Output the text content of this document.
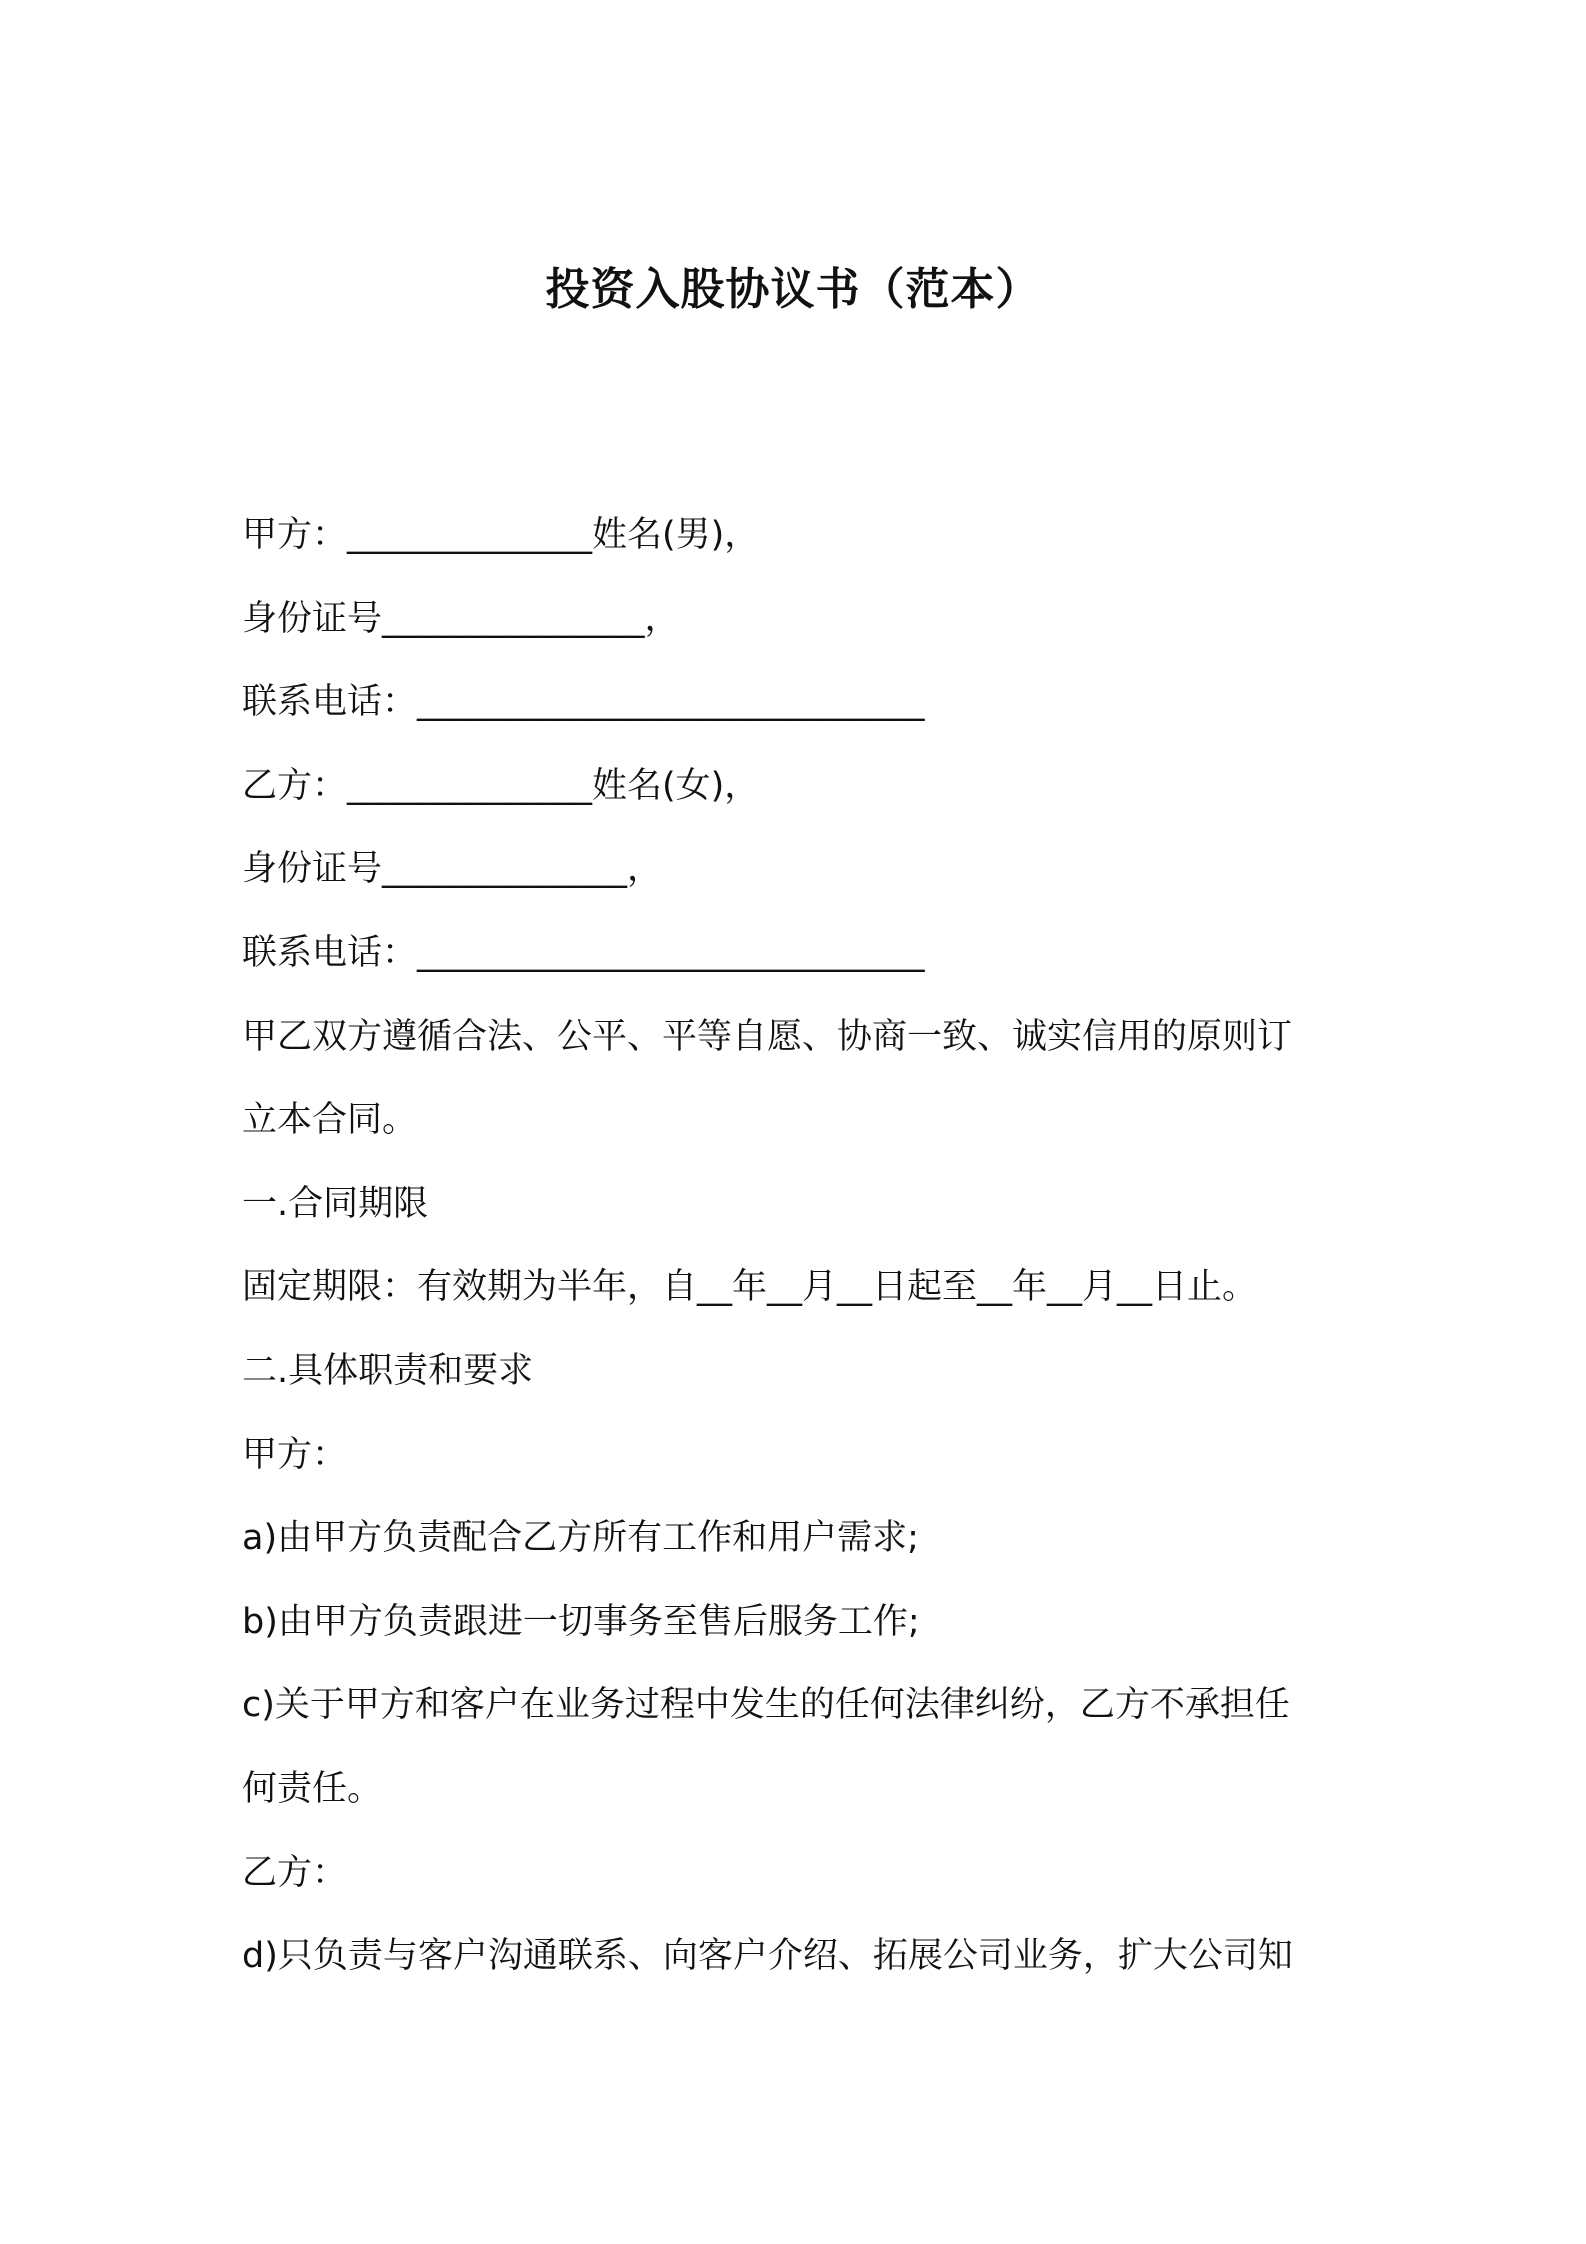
投资入股协议书（范本）
甲方：______________姓名(男)，
身份证号_______________，
联系电话：_____________________________
乙方：______________姓名(女)，
身份证号______________，
联系电话：_____________________________
甲乙双方遵循合法、公平、平等自愿、协商一致、诚实信用的原则订
立本合同。
一.合同期限
固定期限：有效期为半年，自__年__月__日起至__年__月__日止。
二.具体职责和要求
甲方：
a)由甲方负责配合乙方所有工作和用户需求;
b)由甲方负责跟进一切事务至售后服务工作;
c)关于甲方和客户在业务过程中发生的任何法律纠纷，乙方不承担任
何责任。
乙方：
d)只负责与客户沟通联系、向客户介绍、拓展公司业务，扩大公司知
